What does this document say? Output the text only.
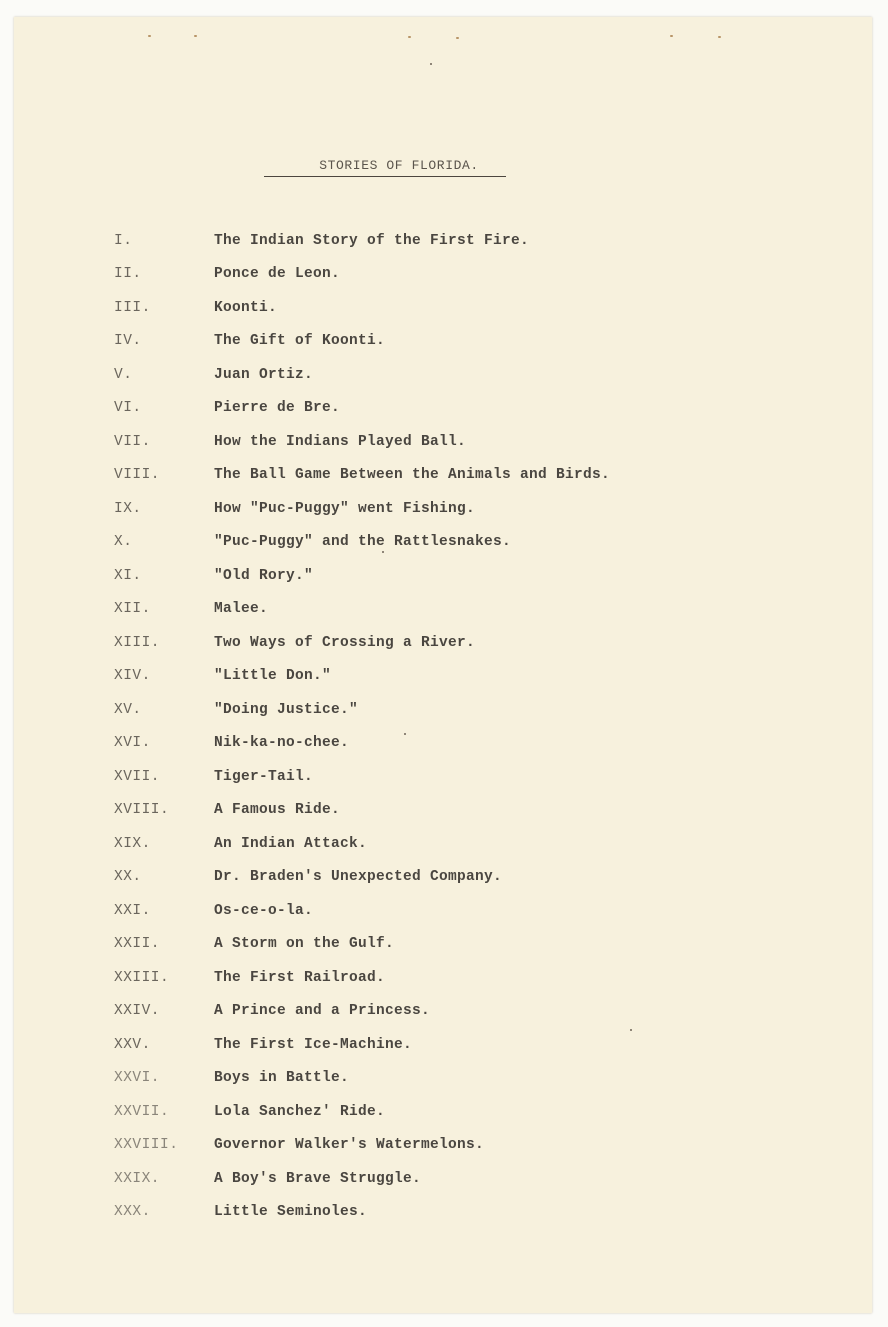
STORIES OF FLORIDA.
I.	The Indian Story of the First Fire.
II.	Ponce de Leon.
III.	Koonti.
IV.	The Gift of Koonti.
V.	Juan Ortiz.
VI.	Pierre de Bre.
VII.	How the Indians Played Ball.
VIII.	The Ball Game Between the Animals and Birds.
IX.	How "Puc-Puggy" went Fishing.
X.	"Puc-Puggy" and the Rattlesnakes.
XI.	"Old Rory."
XII.	Malee.
XIII.	Two Ways of Crossing a River.
XIV.	"Little Don."
XV.	"Doing Justice."
XVI.	Nik-ka-no-chee.
XVII.	Tiger-Tail.
XVIII.	A Famous Ride.
XIX.	An Indian Attack.
XX.	Dr. Braden's Unexpected Company.
XXI.	Os-ce-o-la.
XXII.	A Storm on the Gulf.
XXIII.	The First Railroad.
XXIV.	A Prince and a Princess.
XXV.	The First Ice-Machine.
XXVI.	Boys in Battle.
XXVII.	Lola Sanchez' Ride.
XXVIII.	Governor Walker's Watermelons.
XXIX.	A Boy's Brave Struggle.
XXX.	Little Seminoles.
